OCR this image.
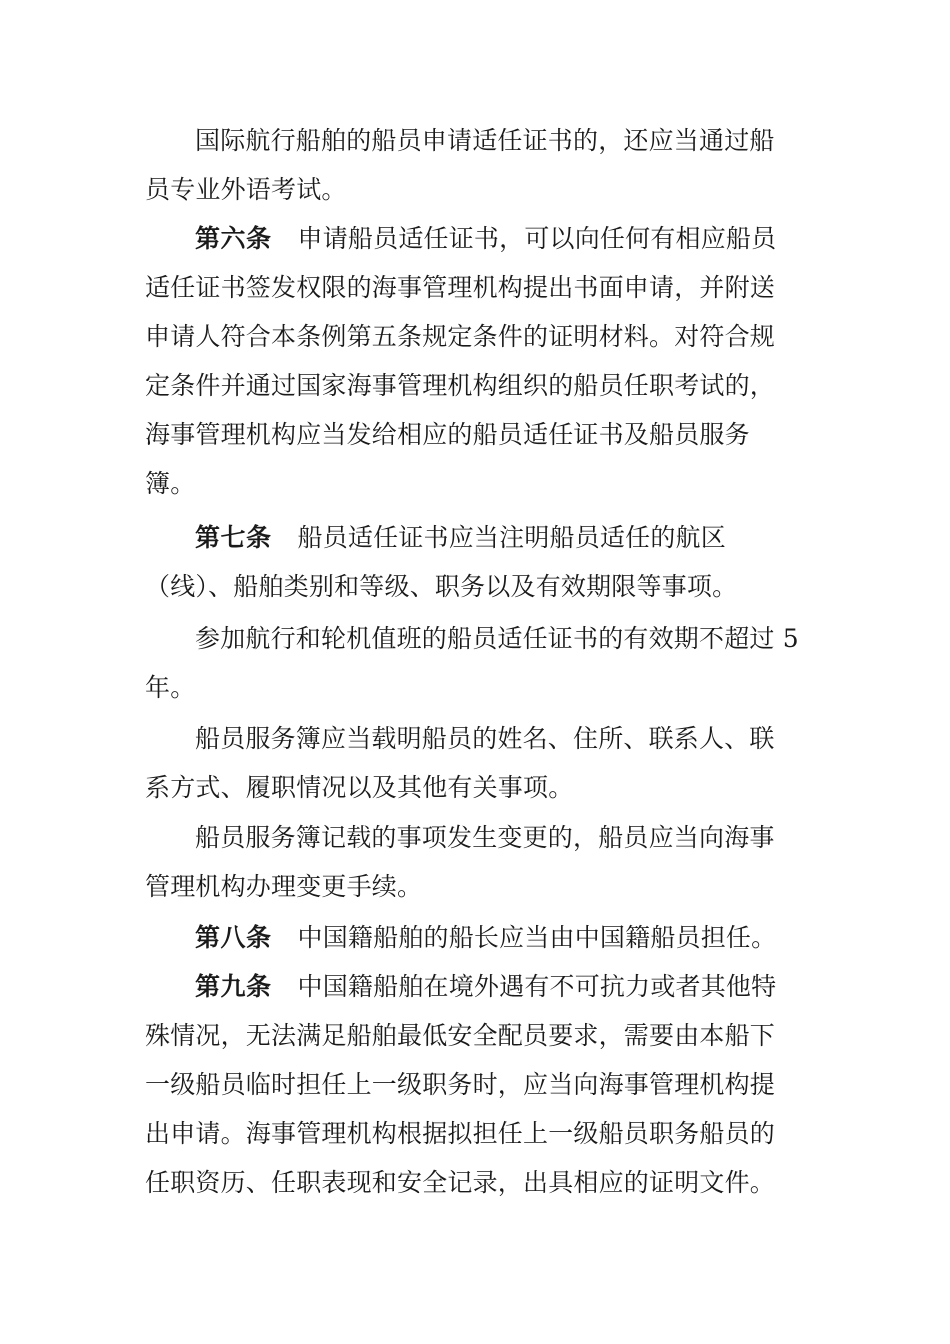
国际航行船舶的船员申请适任证书的，还应当通过船
员专业外语考试。
第六条 申请船员适任证书，可以向任何有相应船员
适任证书签发权限的海事管理机构提出书面申请，并附送
申请人符合本条例第五条规定条件的证明材料。对符合规
定条件并通过国家海事管理机构组织的船员任职考试的，
海事管理机构应当发给相应的船员适任证书及船员服务
簿。
第七条 船员适任证书应当注明船员适任的航区
（线）、船舶类别和等级、职务以及有效期限等事项。
参加航行和轮机值班的船员适任证书的有效期不超过 5
年。
船员服务簿应当载明船员的姓名、住所、联系人、联
系方式、履职情况以及其他有关事项。
船员服务簿记载的事项发生变更的，船员应当向海事
管理机构办理变更手续。
第八条 中国籍船舶的船长应当由中国籍船员担任。
第九条 中国籍船舶在境外遇有不可抗力或者其他特
殊情况，无法满足船舶最低安全配员要求，需要由本船下
一级船员临时担任上一级职务时，应当向海事管理机构提
出申请。海事管理机构根据拟担任上一级船员职务船员的
任职资历、任职表现和安全记录，出具相应的证明文件。
